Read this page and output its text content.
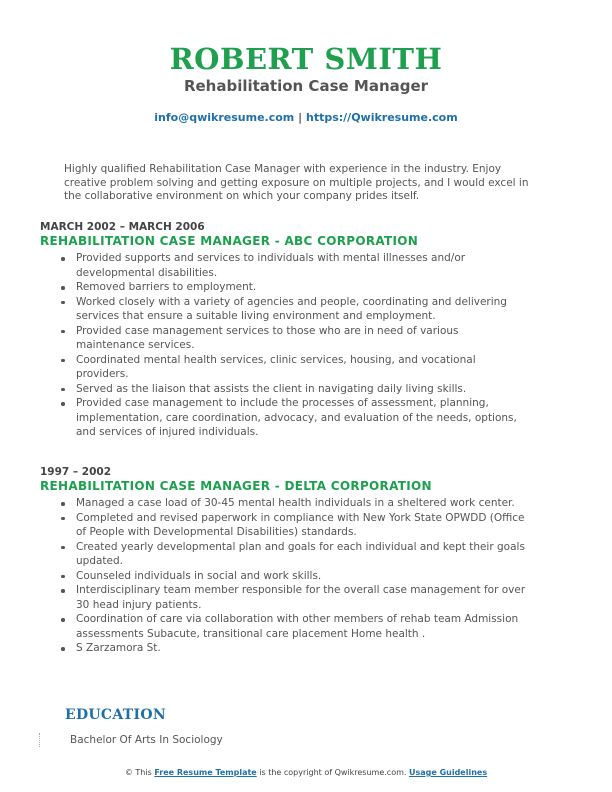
ROBERT SMITH
Rehabilitation Case Manager
info@qwikresume.com | https://Qwikresume.com
Highly qualified Rehabilitation Case Manager with experience in the industry. Enjoy creative problem solving and getting exposure on multiple projects, and I would excel in the collaborative environment on which your company prides itself.
MARCH 2002 – MARCH 2006
REHABILITATION CASE MANAGER - ABC CORPORATION
Provided supports and services to individuals with mental illnesses and/or developmental disabilities.
Removed barriers to employment.
Worked closely with a variety of agencies and people, coordinating and delivering services that ensure a suitable living environment and employment.
Provided case management services to those who are in need of various maintenance services.
Coordinated mental health services, clinic services, housing, and vocational providers.
Served as the liaison that assists the client in navigating daily living skills.
Provided case management to include the processes of assessment, planning, implementation, care coordination, advocacy, and evaluation of the needs, options, and services of injured individuals.
1997 – 2002
REHABILITATION CASE MANAGER - DELTA CORPORATION
Managed a case load of 30-45 mental health individuals in a sheltered work center.
Completed and revised paperwork in compliance with New York State OPWDD (Office of People with Developmental Disabilities) standards.
Created yearly developmental plan and goals for each individual and kept their goals updated.
Counseled individuals in social and work skills.
Interdisciplinary team member responsible for the overall case management for over 30 head injury patients.
Coordination of care via collaboration with other members of rehab team Admission assessments Subacute, transitional care placement Home health .
S Zarzamora St.
EDUCATION
Bachelor Of Arts In Sociology
© This Free Resume Template is the copyright of Qwikresume.com. Usage Guidelines
